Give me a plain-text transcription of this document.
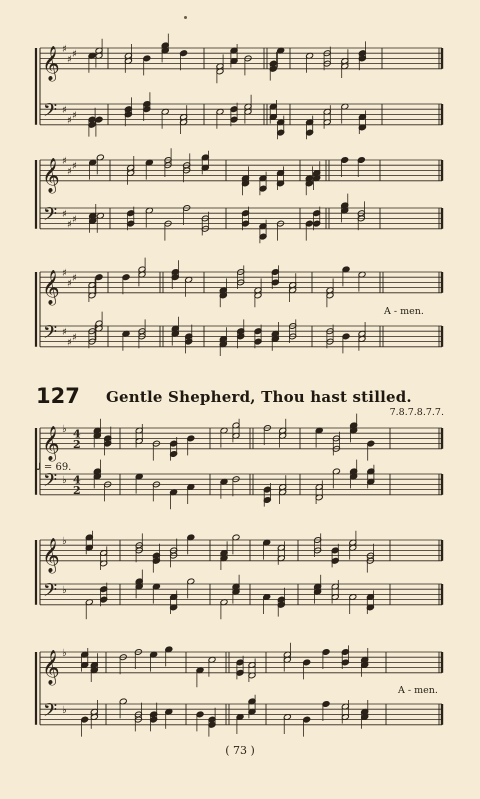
𝄞
𝄢
♯
♯ ♯
♯
♯ ♯
𝄞
𝄢
♯
♯ ♯
♯
♯ ♯
𝄞
𝄢
♯
♯ ♯
♯
♯ ♯
𝄞
𝄢
♭
♭
4
2
4
2
𝄞
𝄢
♭
♭
𝄞
𝄢
♭
♭
127 Gentle Shepherd, Thou hast stilled.
7.8.7.8.7.7.
♩ = 69.
A - men.
A - men.
( 73 )
